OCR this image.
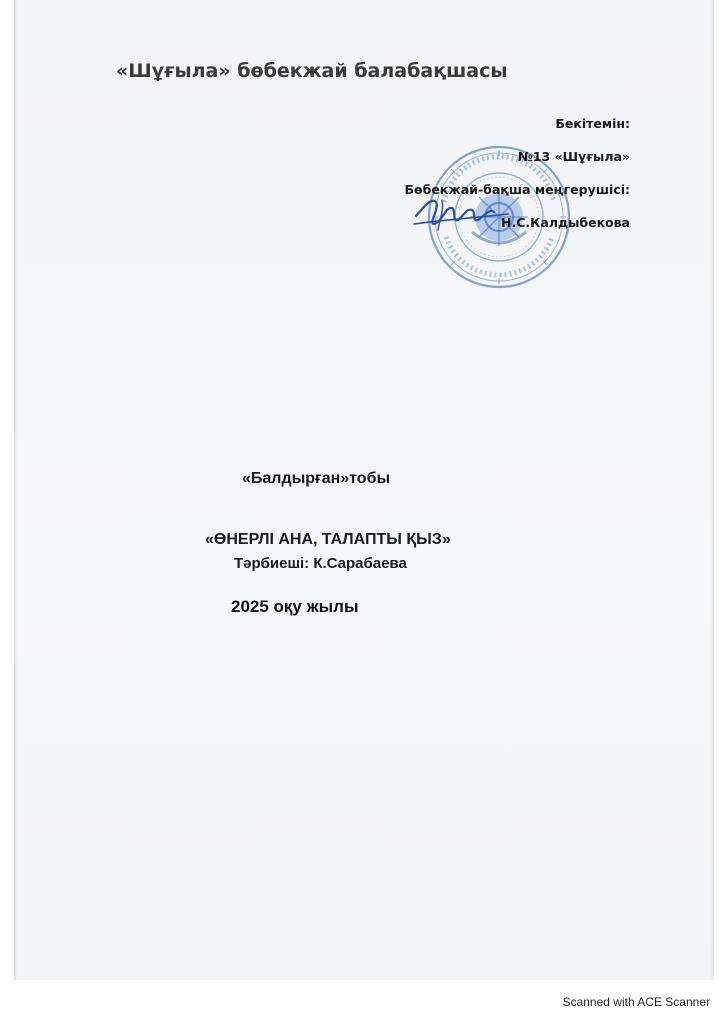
«Шұғыла» бөбекжай балабақшасы
Бекітемін:
№13 «Шұғыла»
Бөбекжай-бақша меңгерушісі:
Н.С.Калдыбекова
«Балдырған»тобы
«ӨНЕРЛІ АНА, ТАЛАПТЫ ҚЫЗ»
Тәрбиеші: К.Сарабаева
2025 оқу жылы
Scanned with ACE Scanner
